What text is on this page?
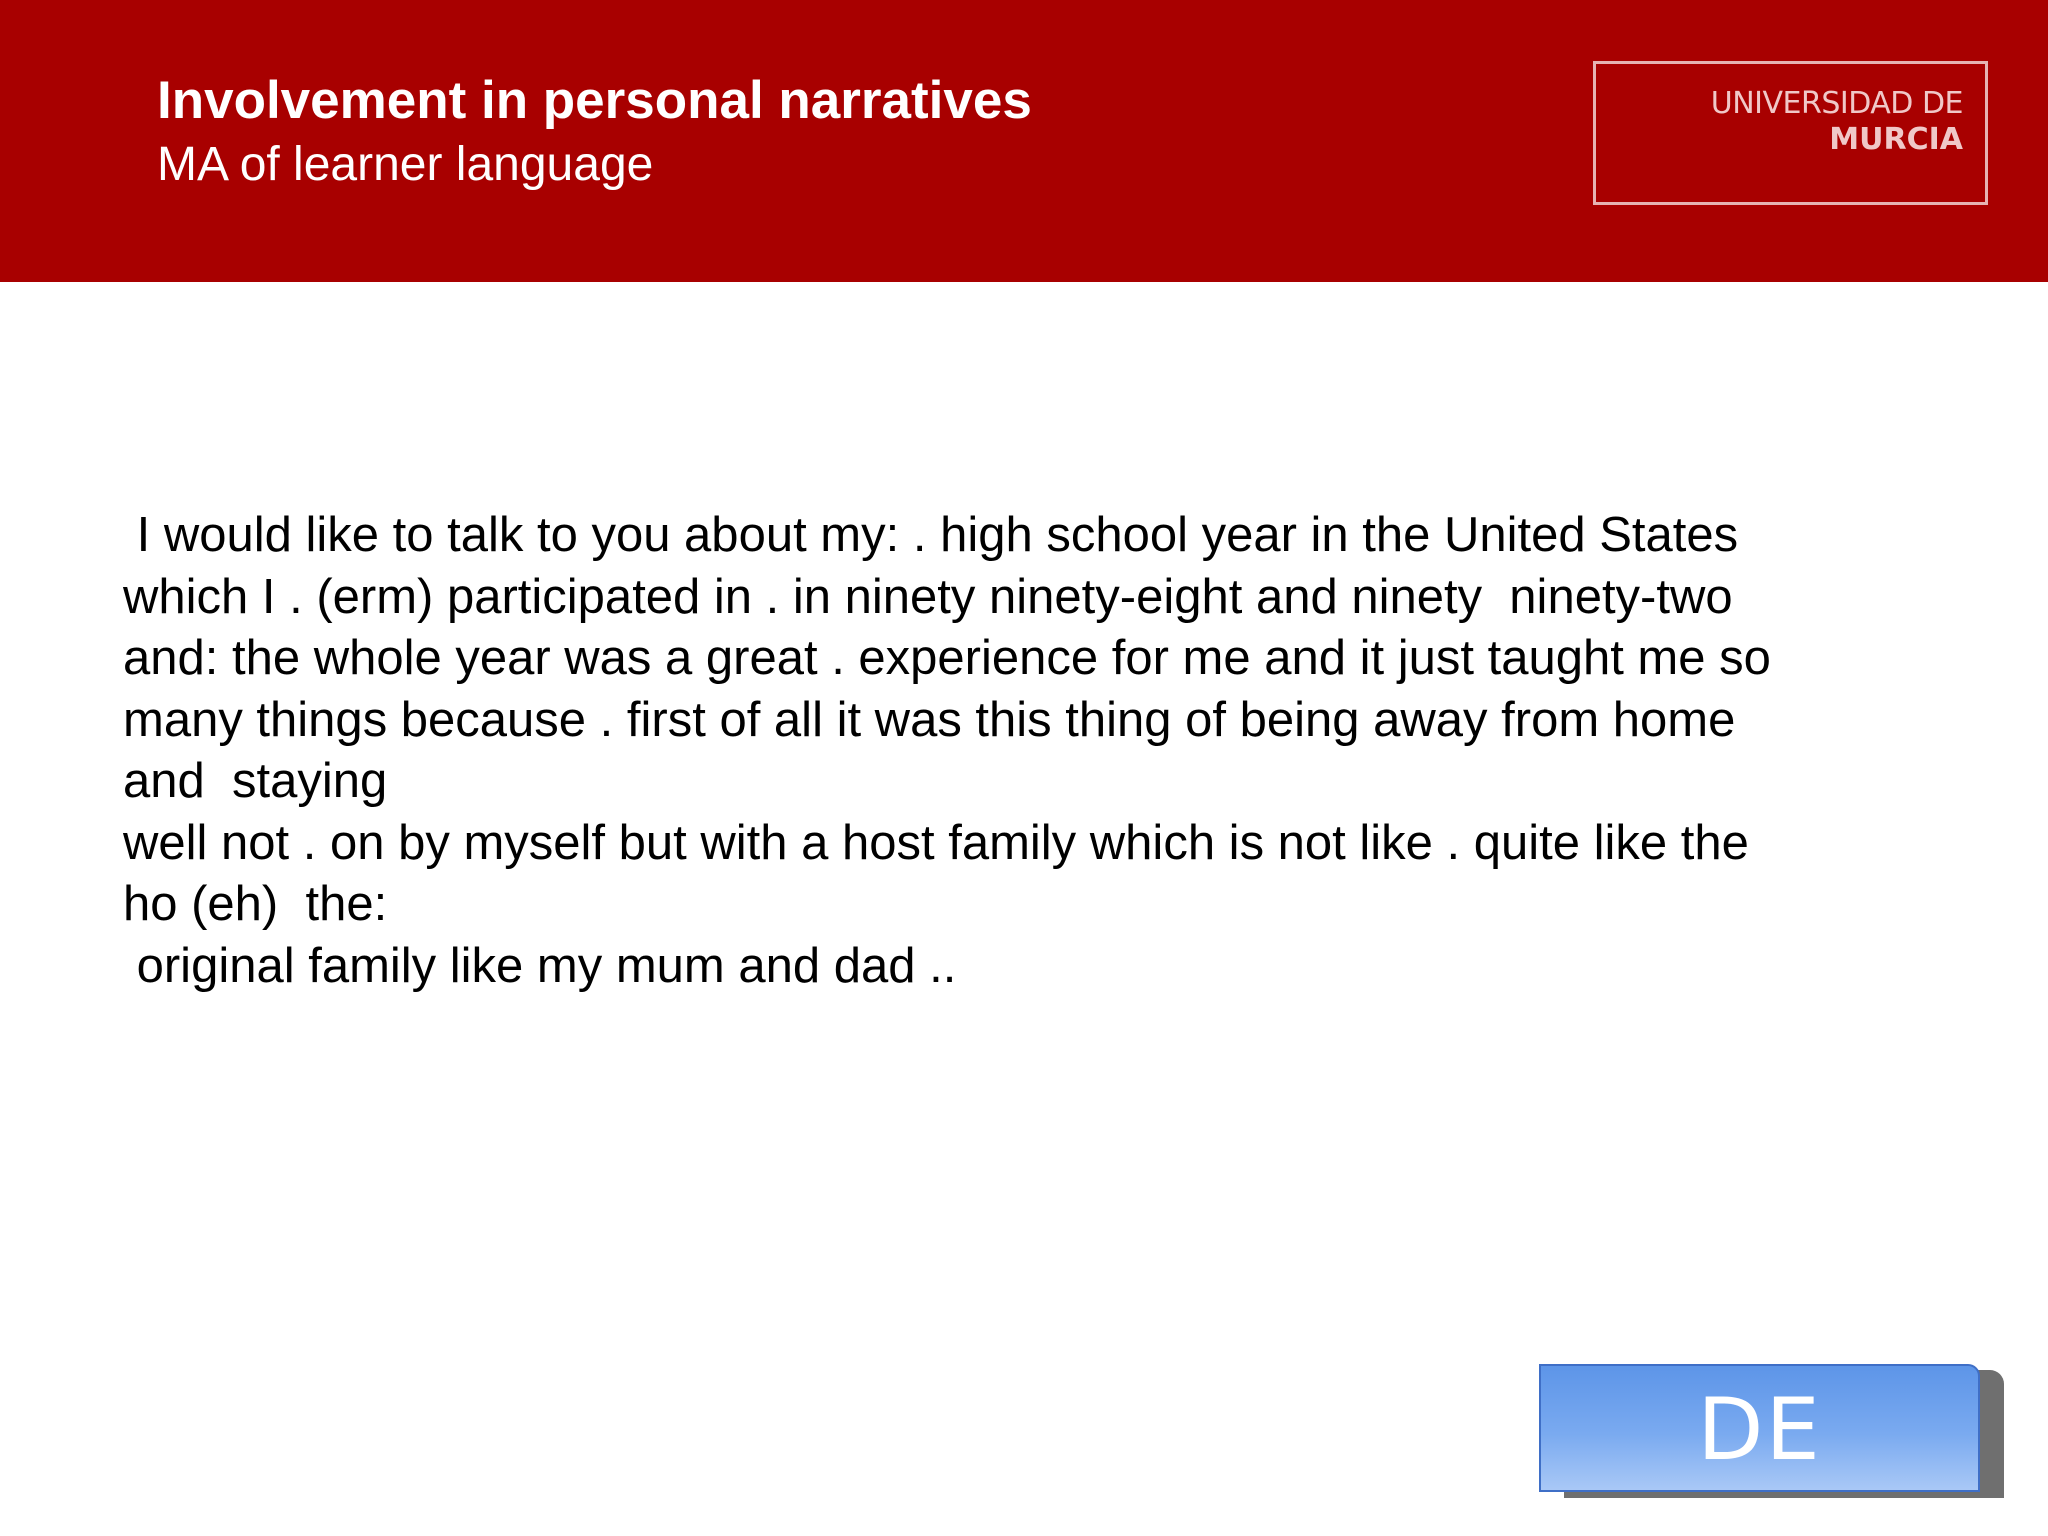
Involvement in personal narratives
MA of learner language
UNIVERSIDAD DE
MURCIA
I would like to talk to you about my: . high school year in the United States
which I . (erm) participated in . in ninety ninety-eight and ninety  ninety-two
and: the whole year was a great . experience for me and it just taught me so
many things because . first of all it was this thing of being away from home
and  staying
well not . on by myself but with a host family which is not like . quite like the
ho (eh)  the:
original family like my mum and dad ..
DE
